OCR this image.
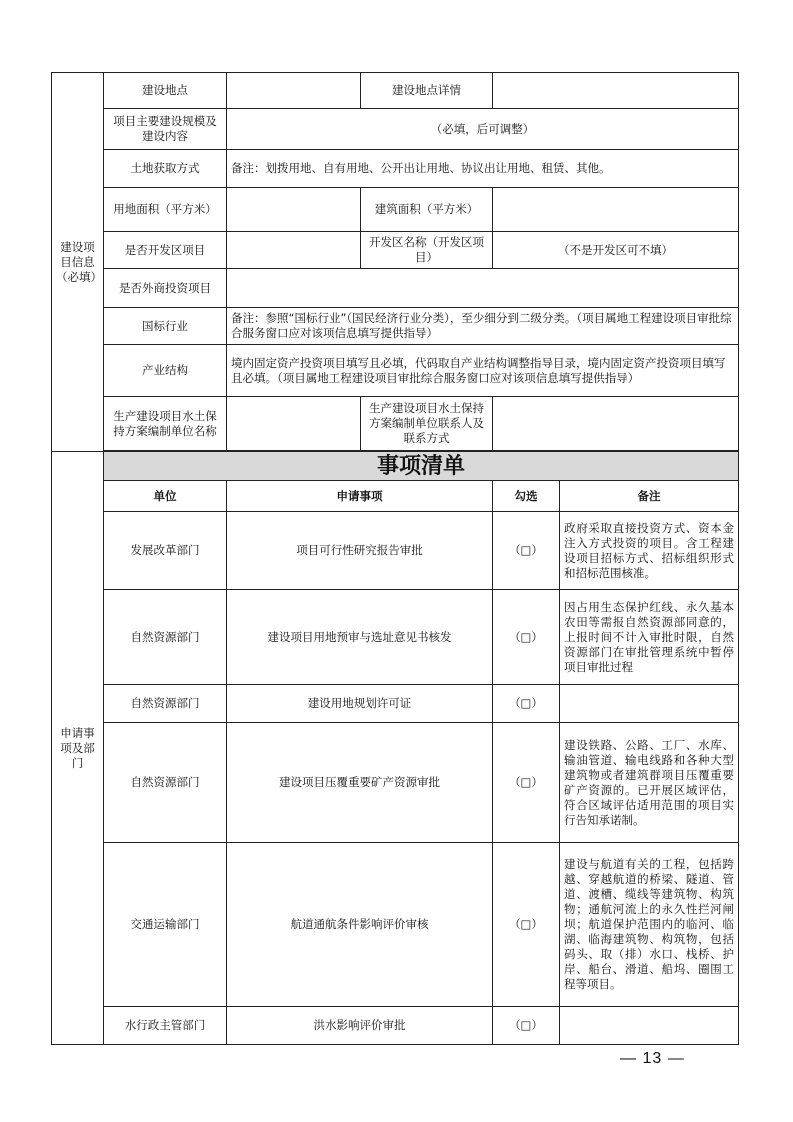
建设项目信息（必填）	建设地点		建设地点详情		
	项目主要建设规模及建设内容	（必填，后可调整）			
	土地获取方式	备注：划拨用地、自有用地、公开出让用地、协议出让用地、租赁、其他。			
	用地面积（平方米）		建筑面积（平方米）		
	是否开发区项目		开发区名称（开发区项目）	（不是开发区可不填）	
	是否外商投资项目				
	国标行业	备注：参照“国标行业”（国民经济行业分类），至少细分到二级分类。（项目属地工程建设项目审批综合服务窗口应对该项信息填写提供指导）			
	产业结构	境内固定资产投资项目填写且必填，代码取自产业结构调整指导目录，境内固定资产投资项目填写且必填。（项目属地工程建设项目审批综合服务窗口应对该项信息填写提供指导）			
	生产建设项目水土保持方案编制单位名称		生产建设项目水土保持方案编制单位联系人及联系方式		

申请事项及部门	事项清单				
	单位	申请事项		勾选	备注
	发展改革部门	项目可行性研究报告审批		（□）	政府采取直接投资方式、资本金注入方式投资的项目。含工程建设项目招标方式、招标组织形式和招标范围核准。
	自然资源部门	建设项目用地预审与选址意见书核发		（□）	因占用生态保护红线、永久基本农田等需报自然资源部同意的，上报时间不计入审批时限，自然资源部门在审批管理系统中暂停项目审批过程
	自然资源部门	建设用地规划许可证		（□）	
	自然资源部门	建设项目压覆重要矿产资源审批		（□）	建设铁路、公路、工厂、水库、输油管道、输电线路和各种大型建筑物或者建筑群项目压覆重要矿产资源的。已开展区域评估，符合区域评估适用范围的项目实行告知承诺制。
	交通运输部门	航道通航条件影响评价审核		（□）	建设与航道有关的工程，包括跨越、穿越航道的桥梁、隧道、管道、渡槽、缆线等建筑物、构筑物；通航河流上的永久性拦河闸坝；航道保护范围内的临河、临湖、临海建筑物、构筑物，包括码头、取（排）水口、栈桥、护岸、船台、滑道、船坞、圈围工程等项目。
	水行政主管部门	洪水影响评价审批		（□）	
— 13 —
